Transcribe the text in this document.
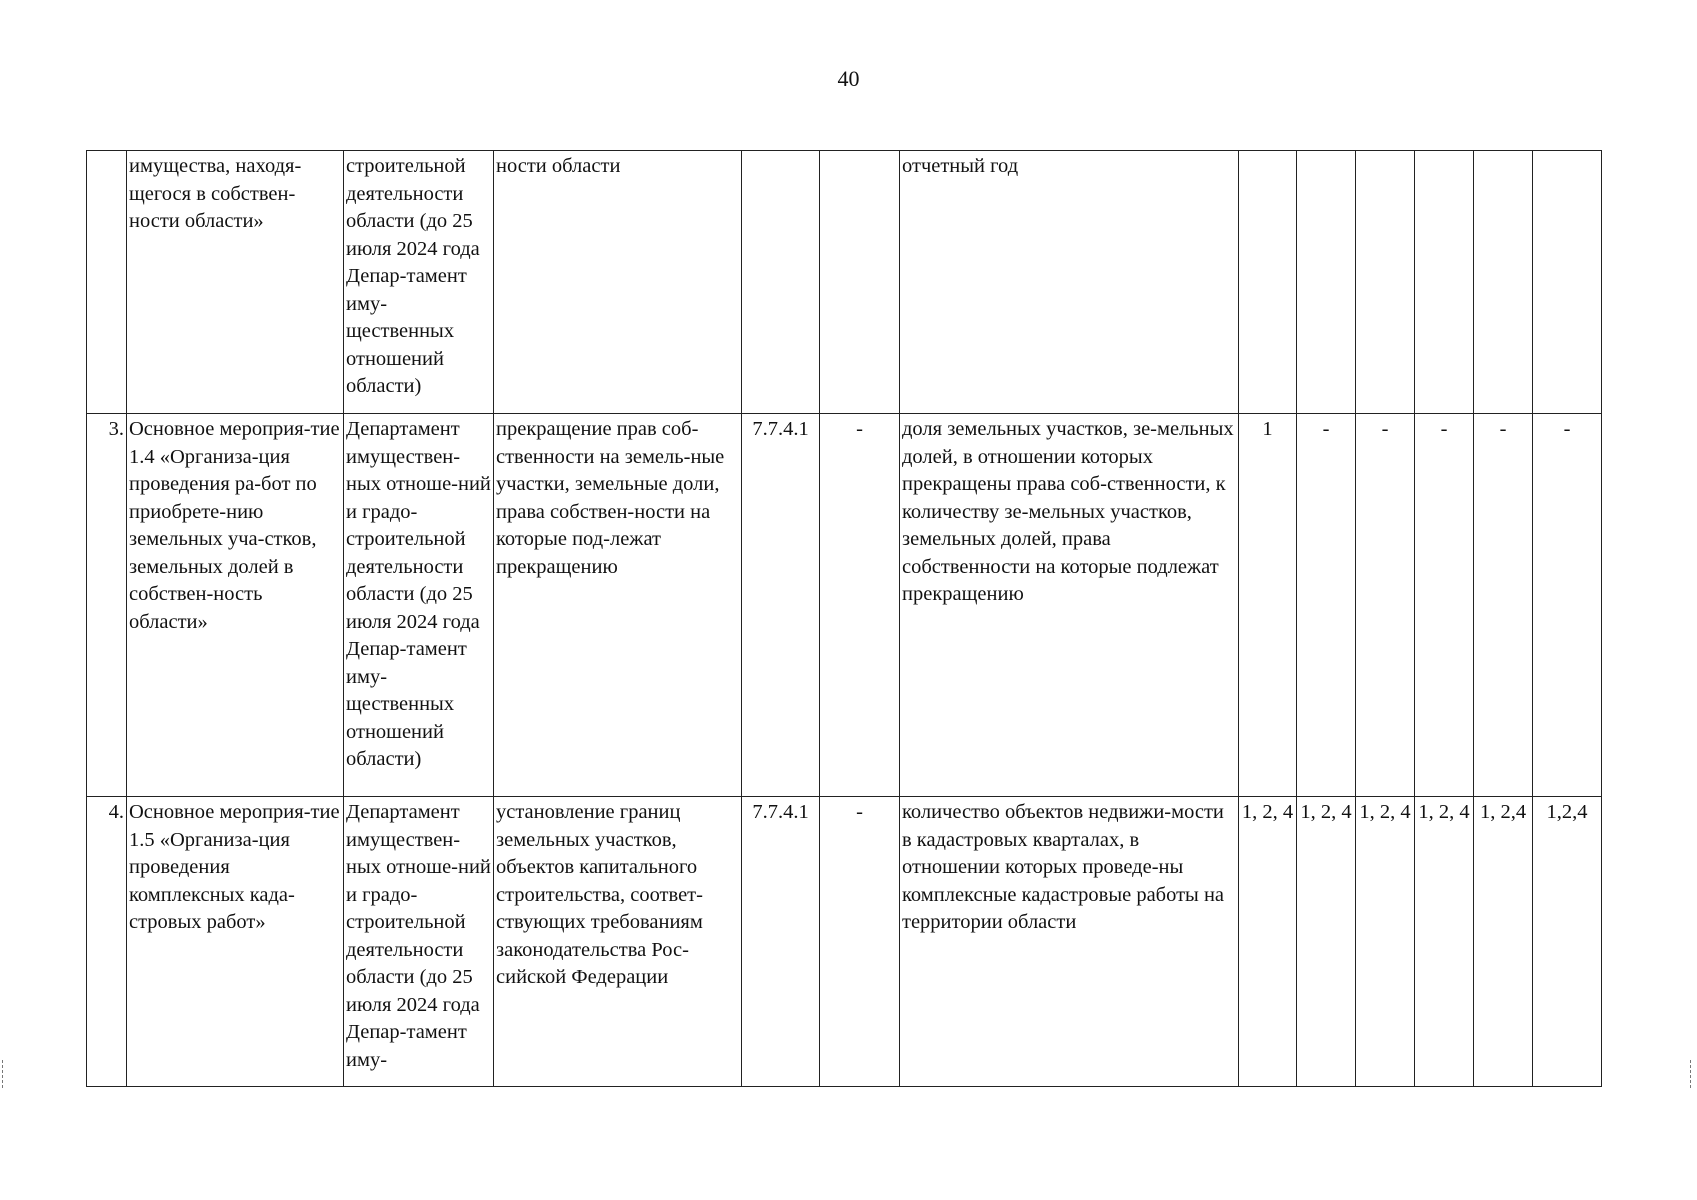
40
	имущества, находя-щегося в собствен-ности области»	строительной деятельности области (до 25 июля 2024 года Депар-тамент иму-щественных отношений области)	ности области			отчетный год						
3.	Основное мероприя-тие 1.4 «Организа-ция проведения ра-бот по приобрете-нию земельных уча-стков, земельных долей в собствен-ность области»	Департамент имуществен-ных отноше-ний и градо-строительной деятельности области (до 25 июля 2024 года Депар-тамент иму-щественных отношений области)	прекращение прав соб-ственности на земель-ные участки, земельные доли, права собствен-ности на которые под-лежат прекращению	7.7.4.1	-	доля земельных участков, зе-мельных долей, в отношении которых прекращены права соб-ственности, к количеству зе-мельных участков, земельных долей, права собственности на которые подлежат прекращению	1	-	-	-	-	-
4.	Основное мероприя-тие 1.5 «Организа-ция проведения комплексных када-стровых работ»	Департамент имуществен-ных отноше-ний и градо-строительной деятельности области (до 25 июля 2024 года Депар-тамент иму-	установление границ земельных участков, объектов капитального строительства, соответ-ствующих требованиям законодательства Рос-сийской Федерации	7.7.4.1	-	количество объектов недвижи-мости в кадастровых кварталах, в отношении которых проведе-ны комплексные кадастровые работы на территории области	1, 2, 4	1, 2, 4	1, 2, 4	1, 2, 4	1, 2,4	1,2,4
